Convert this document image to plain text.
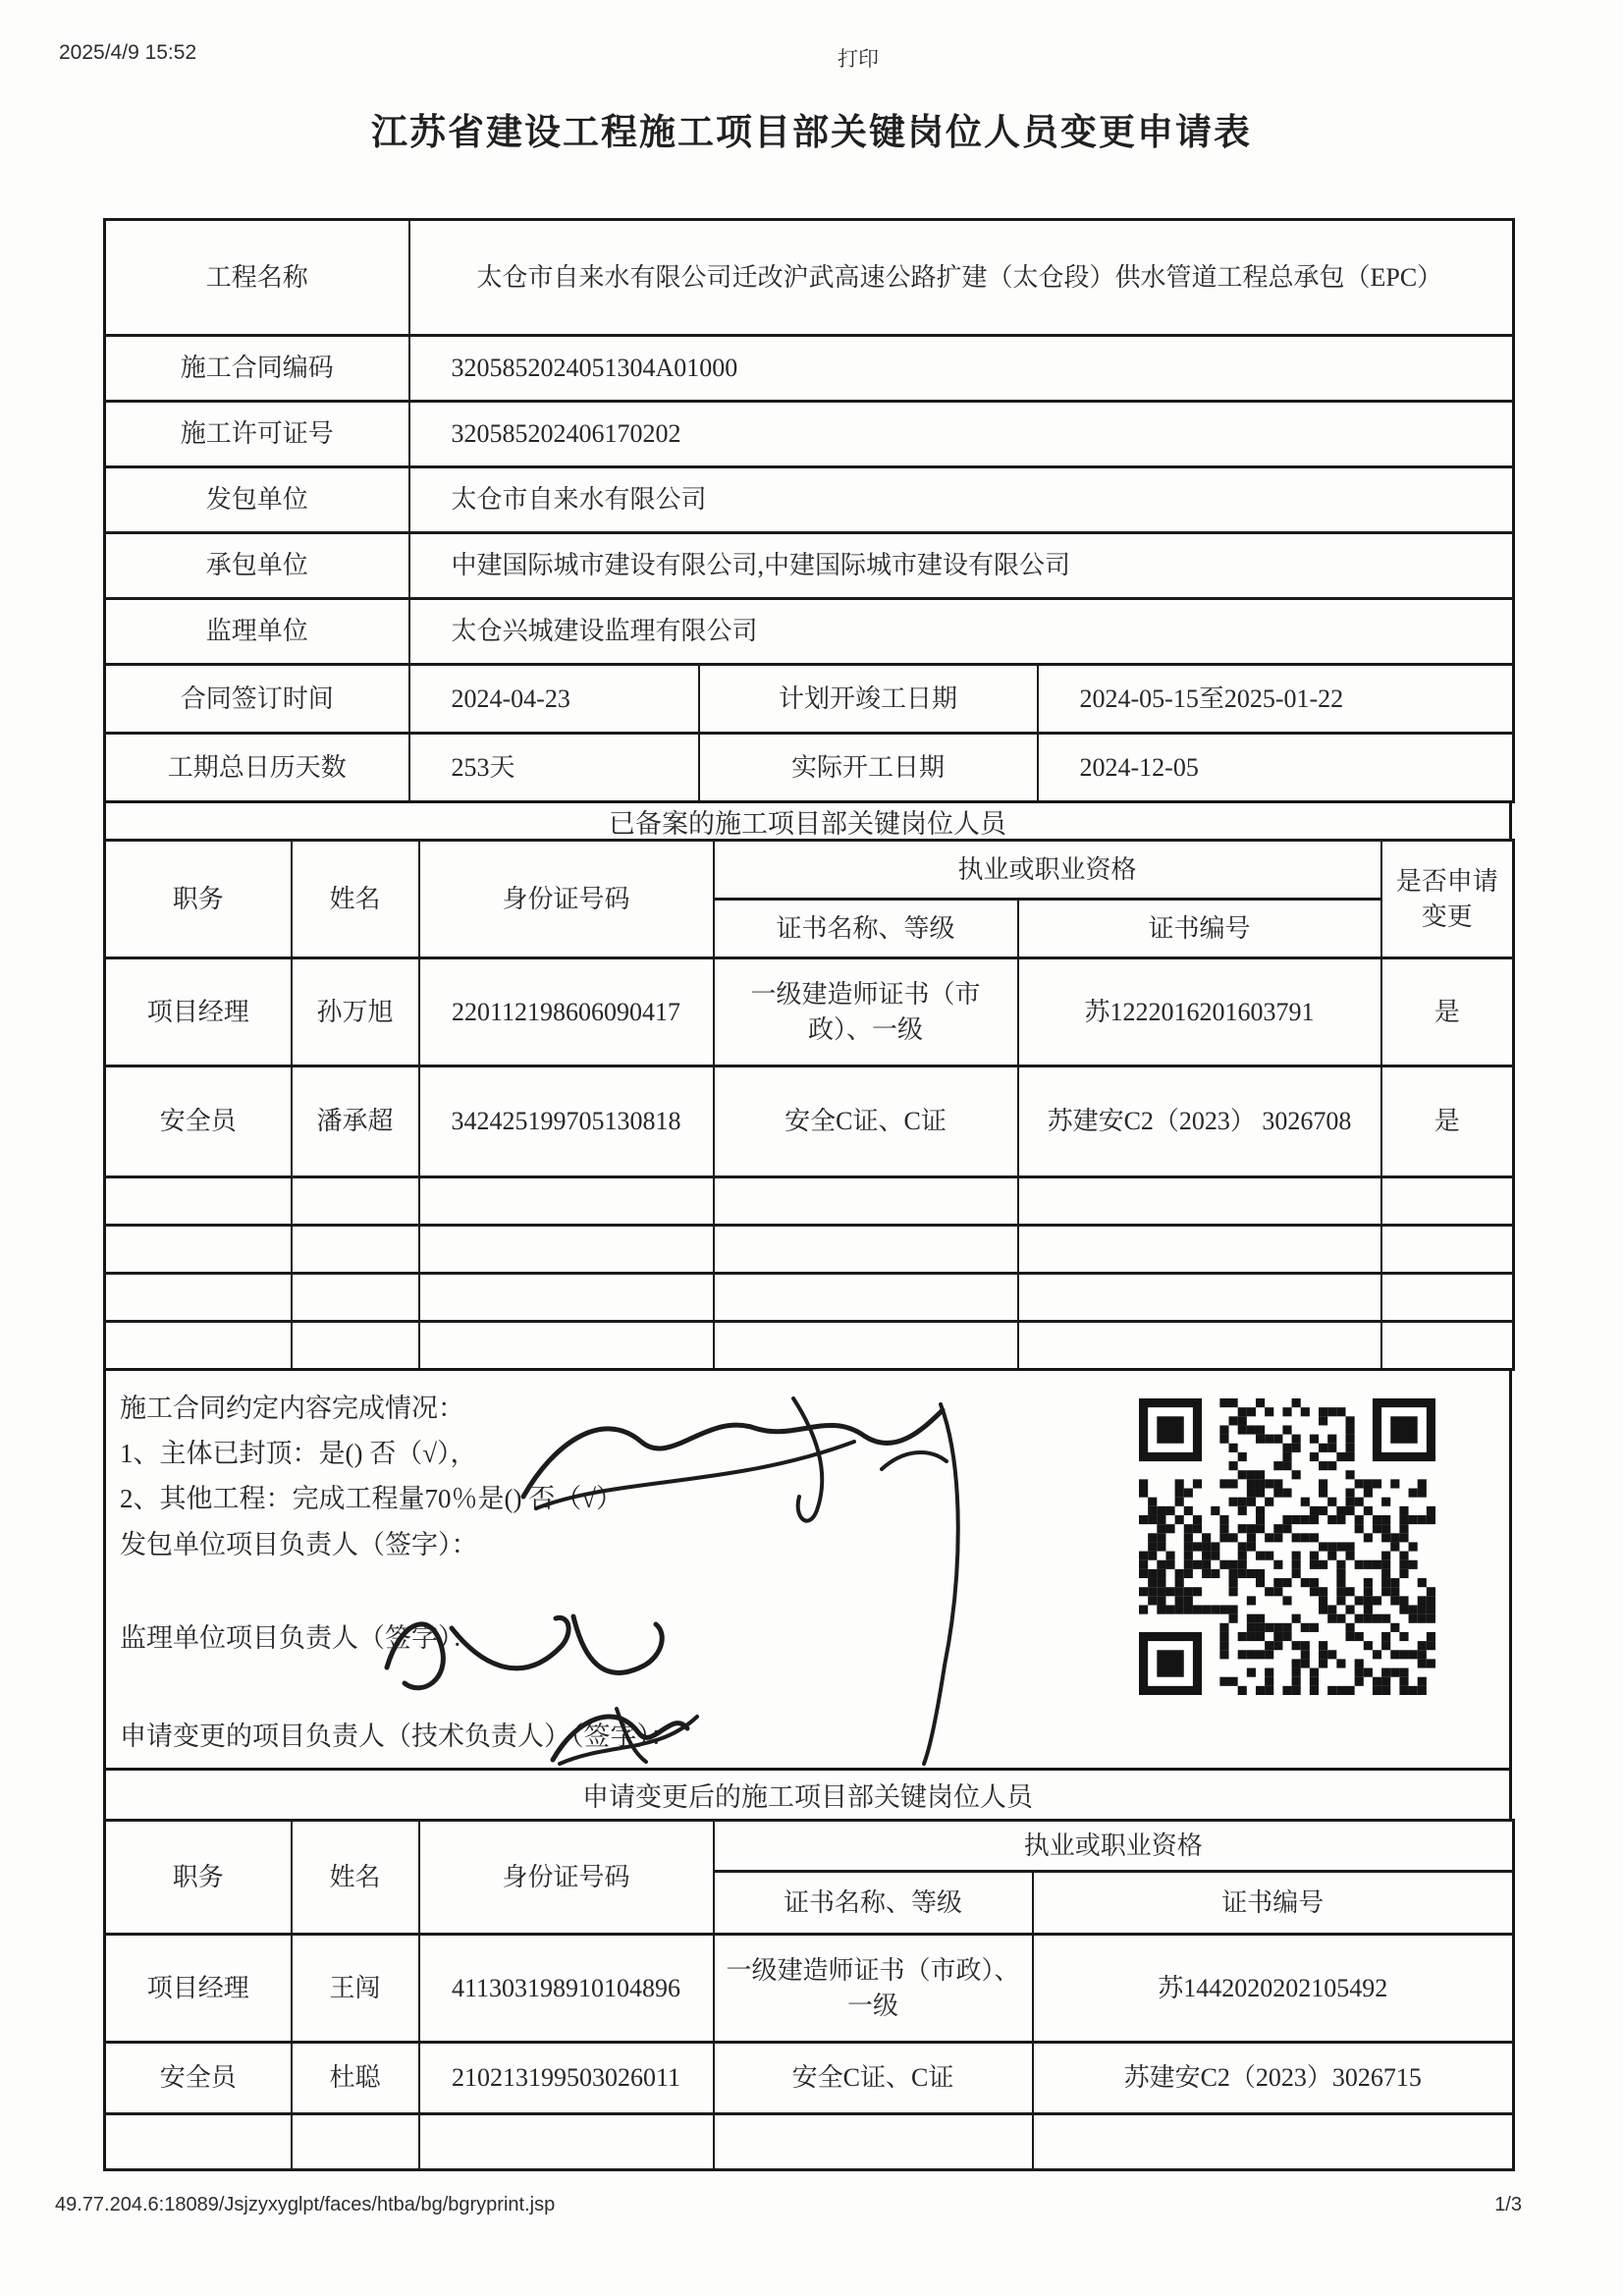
2025/4/9 15:52	打印
江苏省建设工程施工项目部关键岗位人员变更申请表
工程名称	太仓市自来水有限公司迁改沪武高速公路扩建（太仓段）供水管道工程总承包（EPC）		
施工合同编码	3205852024051304A01000		
施工许可证号	320585202406170202		
发包单位	太仓市自来水有限公司		
承包单位	中建国际城市建设有限公司,中建国际城市建设有限公司		
监理单位	太仓兴城建设监理有限公司		
合同签订时间	2024-04-23	计划开竣工日期	2024-05-15至2025-01-22
工期总日历天数	253天	实际开工日期	2024-12-05
已备案的施工项目部关键岗位人员
职务	姓名	身份证号码	执业或职业资格		是否申请变更
			证书名称、等级	证书编号	
项目经理	孙万旭	220112198606090417	一级建造师证书（市政）、一级	苏1222016201603791	是
安全员	潘承超	342425199705130818	安全C证、C证	苏建安C2（2023） 3026708	是

施工合同约定内容完成情况：
1、主体已封顶：是() 否（√），
2、其他工程：完成工程量70％是() 否（√）
发包单位项目负责人（签字）：
监理单位项目负责人（签字）：
申请变更的项目负责人（技术负责人）（签字）：
申请变更后的施工项目部关键岗位人员
职务	姓名	身份证号码	执业或职业资格	
			证书名称、等级	证书编号
项目经理	王闯	411303198910104896	一级建造师证书（市政）、一级	苏1442020202105492
安全员	杜聪	210213199503026011	安全C证、C证	苏建安C2（2023）3026715

49.77.204.6:18089/Jsjzyxyglpt/faces/htba/bg/bgryprint.jsp	1/3
